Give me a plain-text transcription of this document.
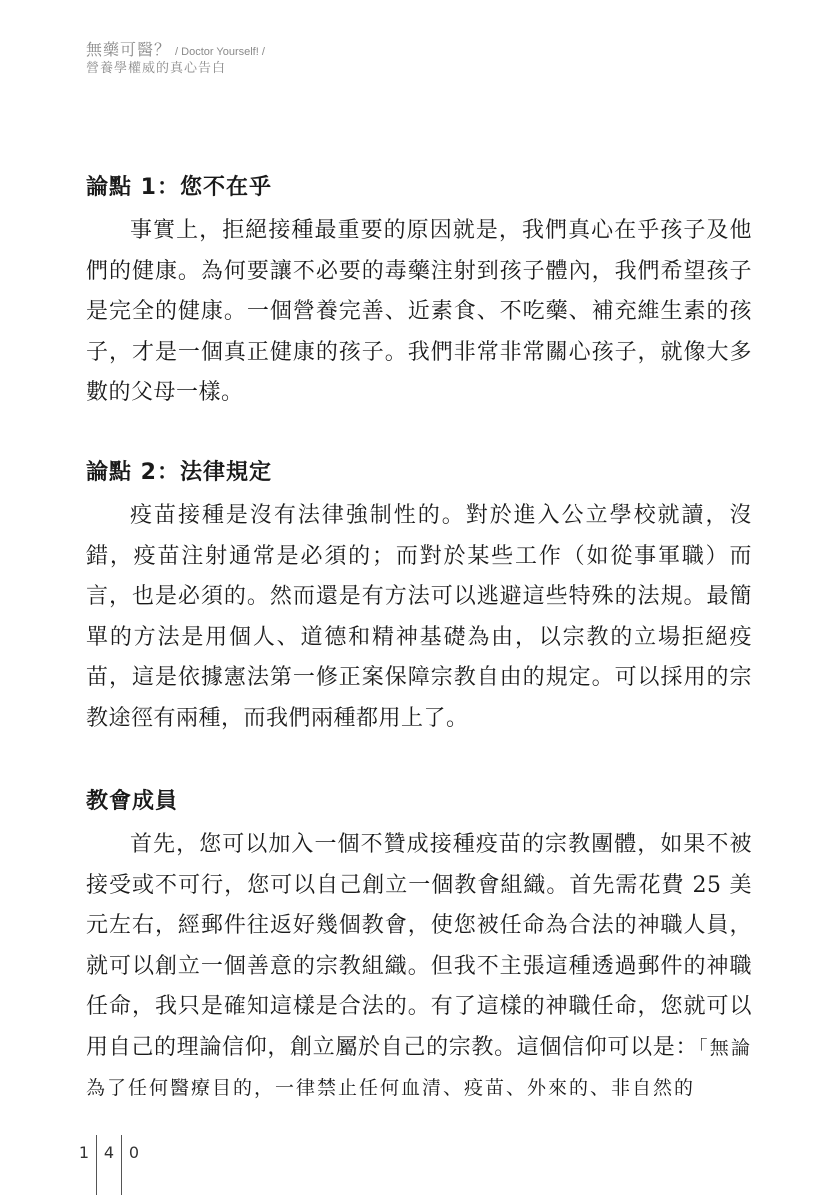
無藥可醫？ / Doctor Yourself! /
營養學權威的真心告白
論點 1：您不在乎

事實上，拒絕接種最重要的原因就是，我們真心在乎孩子及他們的健康。為何要讓不必要的毒藥注射到孩子體內，我們希望孩子是完全的健康。一個營養完善、近素食、不吃藥、補充維生素的孩子，才是一個真正健康的孩子。我們非常非常關心孩子，就像大多數的父母一樣。

論點 2：法律規定

疫苗接種是沒有法律強制性的。對於進入公立學校就讀，沒錯，疫苗注射通常是必須的；而對於某些工作（如從事軍職）而言，也是必須的。然而還是有方法可以逃避這些特殊的法規。最簡單的方法是用個人、道德和精神基礎為由，以宗教的立場拒絕疫苗，這是依據憲法第一修正案保障宗教自由的規定。可以採用的宗教途徑有兩種，而我們兩種都用上了。

教會成員

首先，您可以加入一個不贊成接種疫苗的宗教團體，如果不被接受或不可行，您可以自己創立一個教會組織。首先需花費 25 美元左右，經郵件往返好幾個教會，使您被任命為合法的神職人員，就可以創立一個善意的宗教組織。但我不主張這種透過郵件的神職任命，我只是確知這樣是合法的。有了這樣的神職任命，您就可以用自己的理論信仰，創立屬於自己的宗教。這個信仰可以是：「無論為了任何醫療目的，一律禁止任何血清、疫苗、外來的、非自然的

1 4 0
